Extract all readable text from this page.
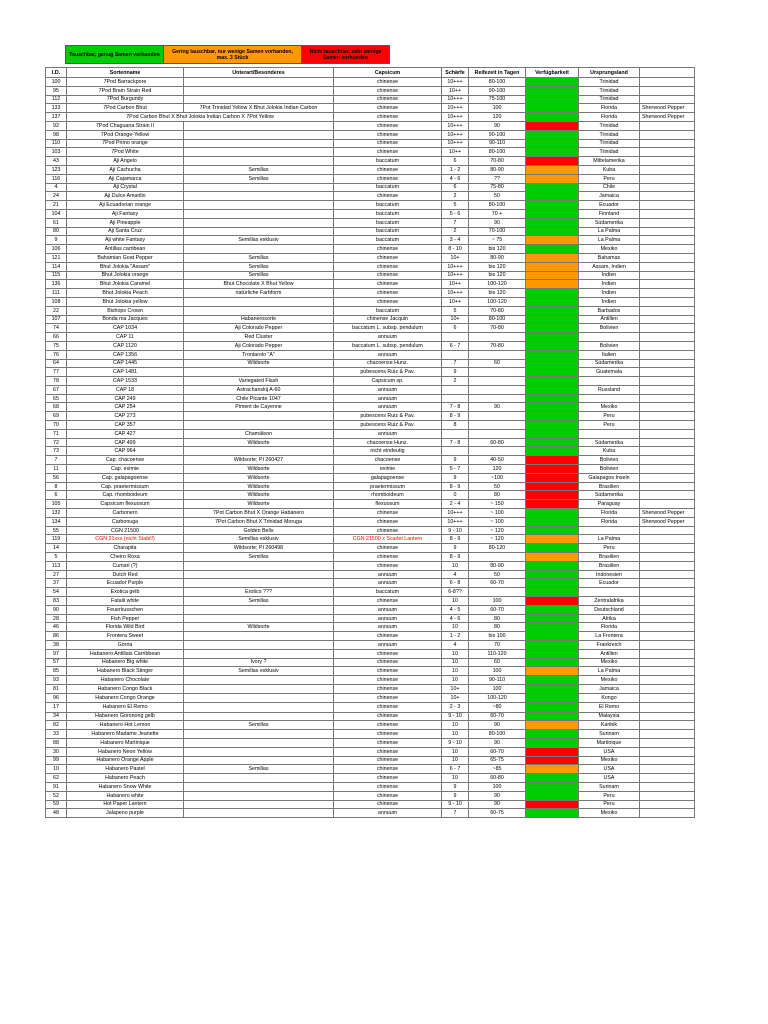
Tauschbar, genug Samen vorhanden	Gering tauschbar, nur wenige Samen vorhanden, max. 3 Stück	Nicht tauschbar, sehr wenige Samen vorhanden
I.D.	Sortenname	Unterart/Besonderes	Capsicum	Schärfe	Reifezeit in Tagen	Verfügbarkeit	Ursprungsland	
100	7Pod Barrackpore		chinense	10+++	80-100		Trinidad	
95	7Pod Brain Strain Red		chinense	10++	90-100		Trinidad	
112	7Pod Burgundy		chinense	10+++	75-100		Trinidad	
133	7Pod Carbon Bhut	7Pot Trinidad Yellow X Bhut Jolokia Indian Carbon	chinense	10+++	100		Florida	Sherwood Pepper
137	7Pod Carbon Bhut X Bhut Jolokia Indian Carbon X 7Pot Yellow		chinense	10+++	120		Florida	Sherwood Pepper
92	7Pod Chaguana Strain II		chinense	10+++	90		Trinidad	
98	7Pod Orange-Yellow		chinense	10+++	90-100		Trinidad	
110	7Pod Primo orange		chinense	10+++	90-110		Trinidad	
103	7Pod White		chinense	10++	80-100		Trinidad	
43	Aji Angelo		baccatum	6	70-80		Mittelamerika	
123	Aji Cachucha	Semillas	chinense	1 - 2	80-90		Kuba	
116	Aji Cajamarca	Semillas	chinense	4 - 6	??		Peru	
4	Aji Crystal		baccatum	6	75-80		Chile	
24	Aji Dulce Amarillo		chinense	2	50		Jamaica	
21	Aji Ecuadorian orange		baccatum	5	80-100		Ecuador	
104	Aji Fantasy		baccatum	5 - 6	70 +		Finnland	
61	Aji Pineapple		baccatum	7	90		Südamerika	
80	Aji Santa Cruz		baccatum	2	70-100		La Palma	
9	Aji white Fantasy	Semillas exklusiv	baccatum	3 - 4	~ 75		La Palma	
106	Antillas carribean		chinense	8 - 10	bis 120		Mexiko	
121	Bahamian Goat Pepper	Semillas	chinense	10+	80-90		Bahamas	
114	Bhut Jolokia "Assam"	Semillas	chinense	10+++	bis 120		Assam, Indien	
115	Bhut Jolokia orange	Semillas	chinense	10+++	bis 120		Indien	
136	Bhut Jolokia Caramel	Bhut Chocolate X Bhut Yellow	chinense	10++	100-120		Indien	
111	Bhut Jolokia Peach	natürliche Farbform	chinense	10+++	bis 120		Indien	
108	Bhut Jolokia yellow		chinense	10++	100-120		Indien	
22	Bishops Crown		baccatum	5	70-80		Barbados	
107	Bonda ma Jacques	Habanerosorte	chinense Jacquin	10+	80-100		Antillen	
74	CAP 1034	Aji Colorado Pepper	baccatum L. subsp. pendulum	6	70-80		Bolivien	
66	CAP 11	Red Cluster	annuum					
75	CAP 1120	Aji Colorado Pepper	baccatum L. subsp. pendulum	6 - 7	70-80		Bolivien	
76	CAP 1356	Trontarolo "A"	annuum				Italien	
64	CAP 1445	Wildsorte	chacoense Hunz.	7	60		Südamerika	
77	CAP 1481		pubescens Ruiz & Pav.	9			Guatemala	
78	CAP 1533	Variegated Flash	Capsicum sp.	2				
67	CAP 18	Astrachanskij A-60	annuum				Russland	
65	CAP 249	Chile Picante 1047	annuum					
68	CAP 254	Piment de Cayenne	annuum	7 - 8	90		Mexiko	
69	CAP 273		pubescens Ruiz & Pav.	8 - 9			Peru	
70	CAP 357		pubescens Ruiz & Pav.	8			Peru	
71	CAP 427	Chamäleon	annuum					
72	CAP 499	Wildsorte	chacoense Hunz.	7 - 8	60-80		Südamerika	
73	CAP 964		nicht eindeutig				Kuba	
7	Cap. chacoense	Wildsorte; PI 260427	chacoense	9	40-50		Bolivien	
11	Cap. eximie	Wildsorte	eximie	5 - 7	120		Bolivien	
56	Cap. galapagoense	Wildsorte	galapagoense	9	~100		Galapagos Inseln	
8	Cap. praetermissum	Wildsorte	praetermissum	8 - 9	50		Brasilien	
6	Cap. rhomboideum	Wildsorte	rhomboideum	0	80		Südamerika	
105	Capsicum flexuosum	Wildsorte	flexuosum	2 - 4	~ 150		Paraguay	
132	Carbonero	7Pot Carbon Bhut X Orange Habanero	chinense	10+++	~ 100		Florida	Sherwood Pepper
134	Carbonuga	7Pot Carbon Bhut X Trinidad Moruga	chinense	10+++	~ 100		Florida	Sherwood Pepper
55	CGN 21500	Golden Bells	chinense	9 - 10	~ 120			
119	CGN 21xxx (nicht Stabil!)	Semillas exklusiv	CGN 21500 x Scarlet Lantern	8 - 9	~ 120		La Palma	
14	Charapita	Wildsorte; PI 260498	chinense	9	80-120		Peru	
5	Cheiro Roxa	Semillas	chinense	8 - 9			Brasilien	
113	Cumari (?)		chinense	10	80-90		Brasilien	
27	Dutch Red		annuum	4	50		Indonesien	
37	Ecuador Purple		annuum	6 - 8	60-70		Ecuador	
54	Exotica gelb	Erotico ???	baccatum	6-8??				
83	Fatalii white	Semillas	chinense	10	100		Zentralafrika	
90	Feuerkusschen		annuum	4 - 5	60-70		Deutschland	
28	Fish Pepper		annuum	4 - 6	80		Afrika	
46	Florida Wild Bird	Wildsorte	annuum	10	80		Florida	
86	Frontera Sweet		chinense	1 - 2	bis 100		La Frontera	
38	Gorria		annuum	4	70		Frankreich	
97	Habanero Antillais Carribbean		chinense	10	110-120		Antillen	
57	Habanero Big white	Ivory ?	chinense	10	60		Mexiko	
85	Habanero Black Stinger	Semillas exklusiv	chinense	10	100		La Palma	
93	Habanero Chocolate		chinense	10	90-110		Mexiko	
81	Habanero Congo Black		chinense	10+	100		Jamaica	
96	Habanero Congo Orange		chinense	10+	100-120		Kongo	
17	Habanero El Remo		chinense	2 - 3	~80		El Remo	
34	Habanero Goronong gelb		chinense	9 - 10	60-70		Malaysia	
82	Habanero Hot Lemon	Semillas	chinense	10	90		Karibik	
33	Habanero Madame Jeanette		chinense	10	80-100		Surinam	
88	Habanero Martinique		chinense	9 - 10	90		Martinique	
30	Habanero Neon Yellow		chinense	10	60-70		USA	
99	Habanero Orange Apple		chinense	10	65-75		Mexiko	
10	Habanero Pastel	Semillas	chinense	6 - 7	~85		USA	
62	Habanero Peach		chinense	10	60-80		USA	
91	Habanero Snow White		chinense	9	100		Surinam	
52	Habanero white		chinense	9	90		Peru	
59	Hot Paper Lantern		chinense	9 - 10	90		Peru	
48	Jalapeno purple		annuum	7	60-75		Mexiko	
